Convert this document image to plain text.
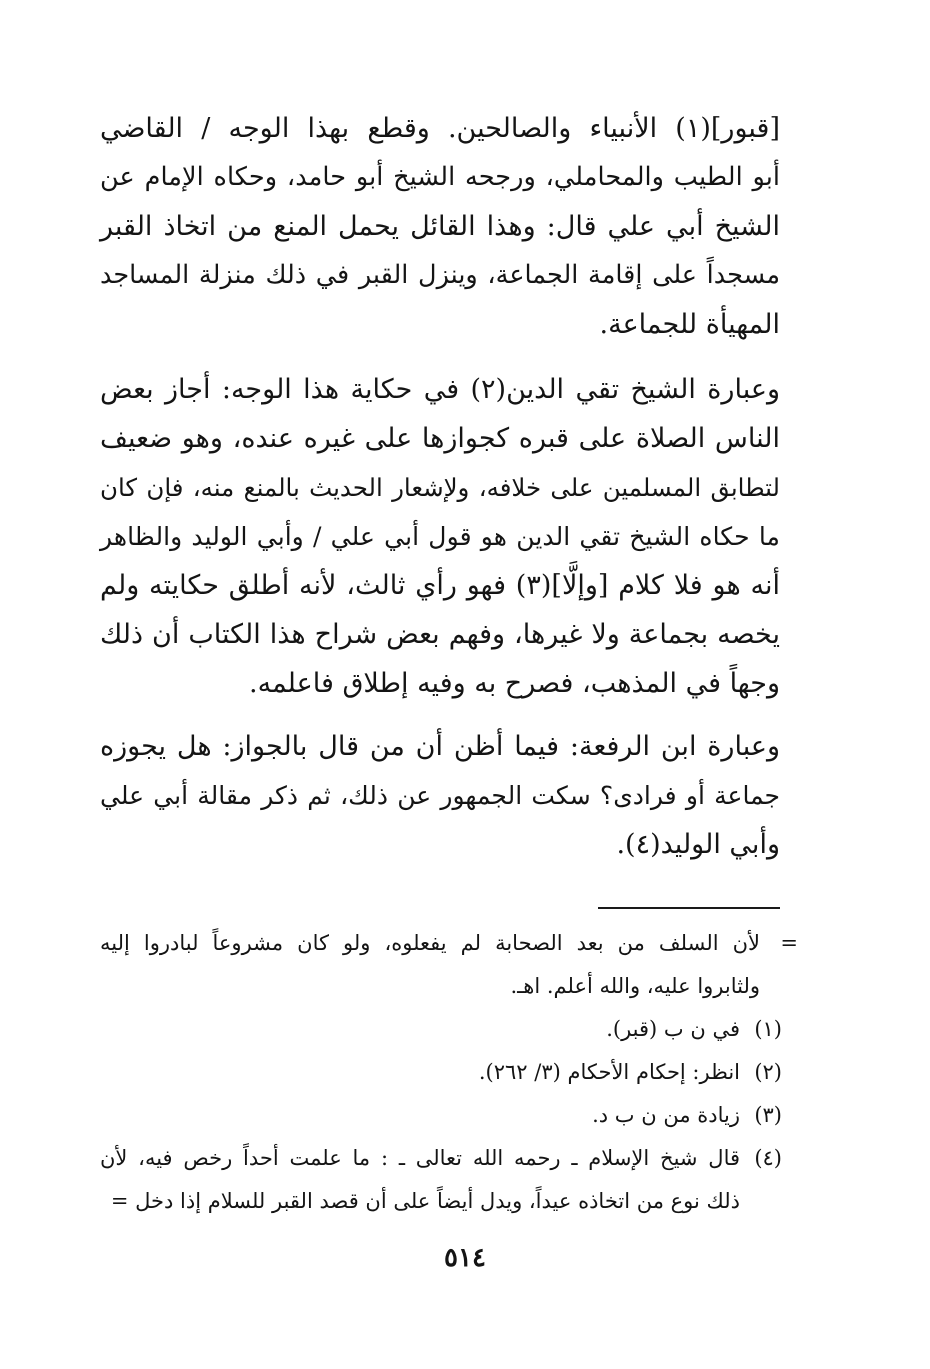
[قبور](١) الأنبياء والصالحين. وقطع بهذا الوجه / القاضي
أبو الطيب والمحاملي، ورجحه الشيخ أبو حامد، وحكاه الإمام عن
الشيخ أبي علي قال: وهذا القائل يحمل المنع من اتخاذ القبر
مسجداً على إقامة الجماعة، وينزل القبر في ذلك منزلة المساجد
المهيأة للجماعة.

وعبارة الشيخ تقي الدين(٢) في حكاية هذا الوجه: أجاز بعض
الناس الصلاة على قبره كجوازها على غيره عنده، وهو ضعيف
لتطابق المسلمين على خلافه، ولإشعار الحديث بالمنع منه، فإن كان
ما حكاه الشيخ تقي الدين هو قول أبي علي / وأبي الوليد والظاهر
أنه هو فلا كلام [وإلَّا](٣) فهو رأي ثالث، لأنه أطلق حكايته ولم
يخصه بجماعة ولا غيرها، وفهم بعض شراح هذا الكتاب أن ذلك
وجهاً في المذهب، فصرح به وفيه إطلاق فاعلمه.

وعبارة ابن الرفعة: فيما أظن أن من قال بالجواز: هل يجوزه
جماعة أو فرادى؟ سكت الجمهور عن ذلك، ثم ذكر مقالة أبي علي
وأبي الوليد(٤).

=
لأن السلف من بعد الصحابة لم يفعلوه، ولو كان مشروعاً لبادروا إليه
ولثابروا عليه، والله أعلم. اهـ.
(١)
في ن ب (قبر).
(٢)
انظر: إحكام الأحكام (٣/ ٢٦٢).
(٣)
زيادة من ن ب د.
(٤)
قال شيخ الإسلام ـ رحمه الله تعالى ـ : ما علمت أحداً رخص فيه، لأن
ذلك نوع من اتخاذه عيداً، ويدل أيضاً على أن قصد القبر للسلام إذا دخل =
٥١٤
